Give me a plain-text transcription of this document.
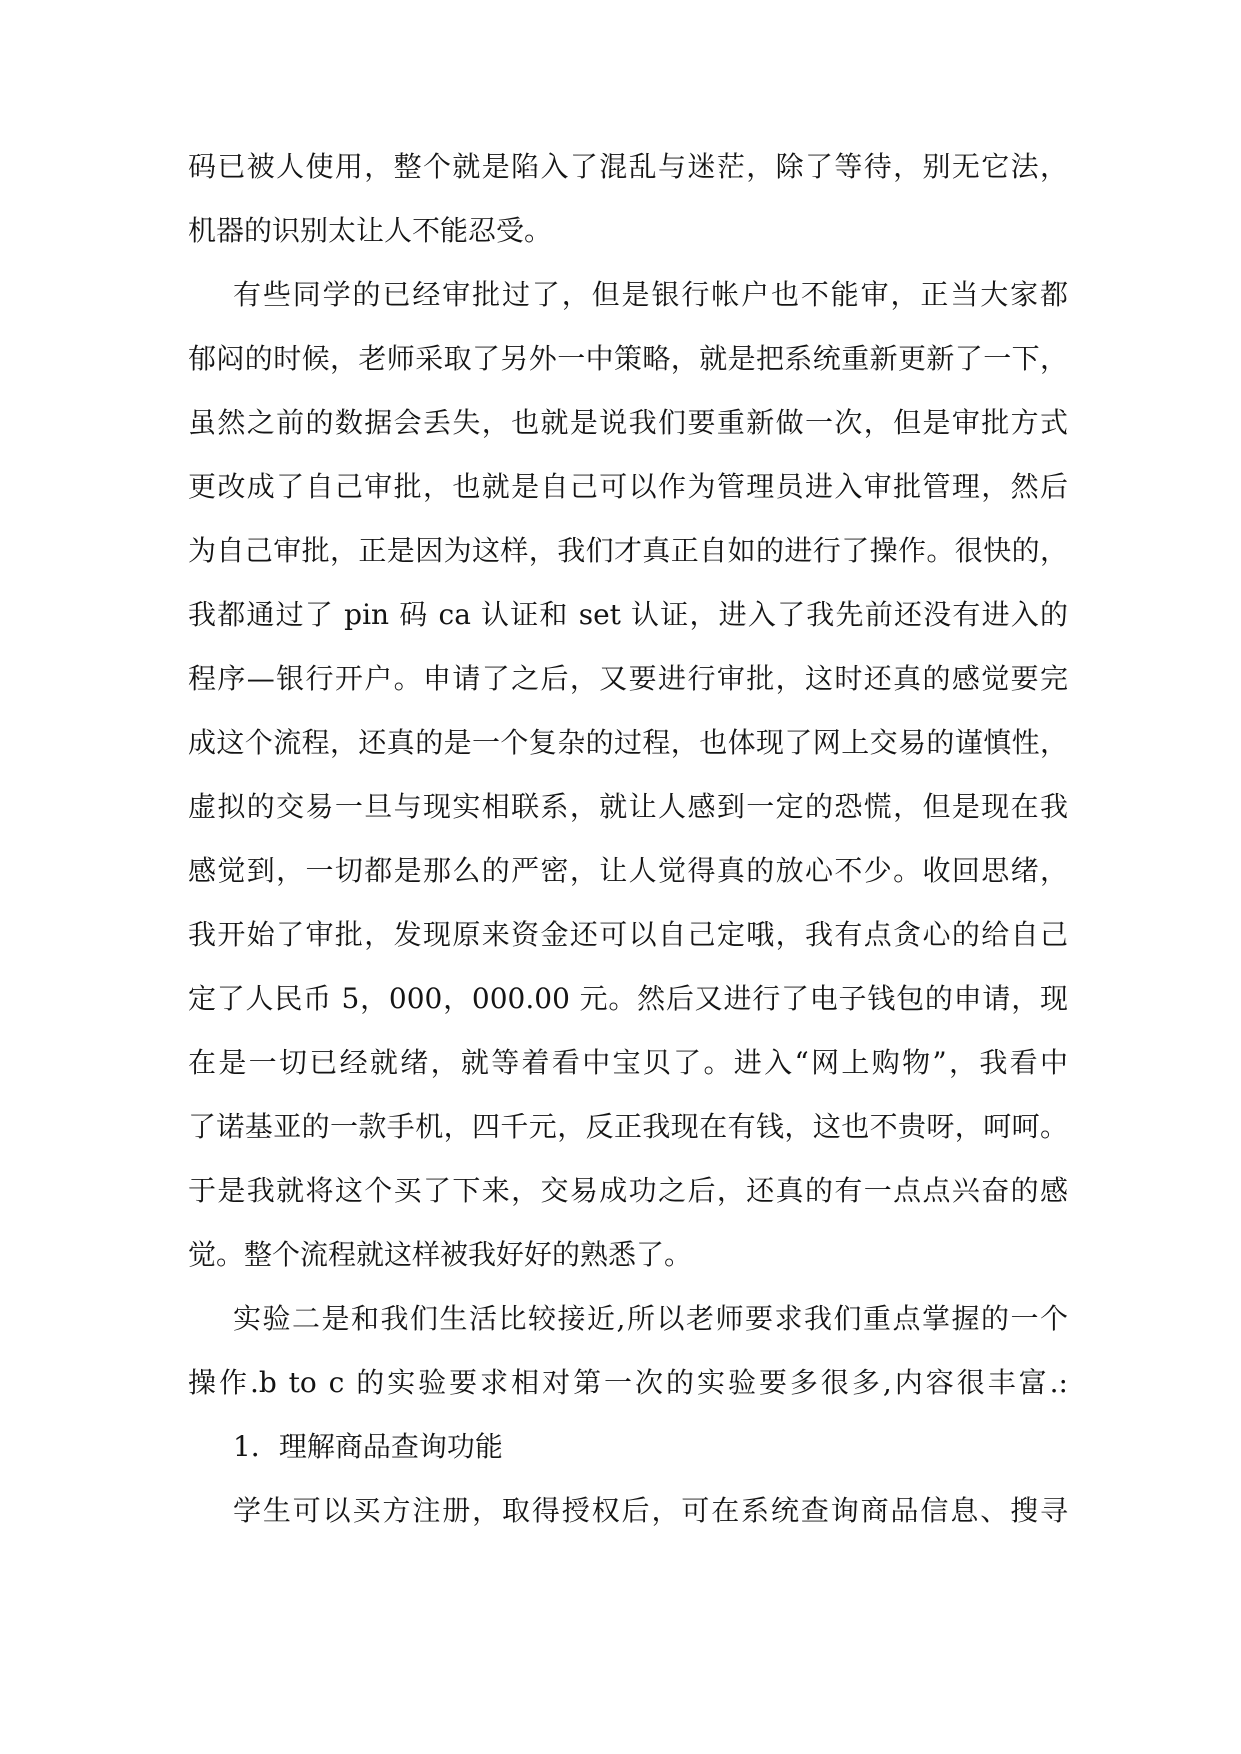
码已被人使用，整个就是陷入了混乱与迷茫，除了等待，别无它法，
机器的识别太让人不能忍受。
有些同学的已经审批过了，但是银行帐户也不能审，正当大家都
郁闷的时候，老师采取了另外一中策略，就是把系统重新更新了一下，
虽然之前的数据会丢失，也就是说我们要重新做一次，但是审批方式
更改成了自己审批，也就是自己可以作为管理员进入审批管理，然后
为自己审批，正是因为这样，我们才真正自如的进行了操作。很快的，
我都通过了 pin 码 ca 认证和 set 认证，进入了我先前还没有进入的
程序—银行开户。申请了之后，又要进行审批，这时还真的感觉要完
成这个流程，还真的是一个复杂的过程，也体现了网上交易的谨慎性，
虚拟的交易一旦与现实相联系，就让人感到一定的恐慌，但是现在我
感觉到，一切都是那么的严密，让人觉得真的放心不少。收回思绪，
我开始了审批，发现原来资金还可以自己定哦，我有点贪心的给自己
定了人民币 5，000，000.00 元。然后又进行了电子钱包的申请，现
在是一切已经就绪，就等着看中宝贝了。进入“网上购物”，我看中
了诺基亚的一款手机，四千元，反正我现在有钱，这也不贵呀，呵呵。
于是我就将这个买了下来，交易成功之后，还真的有一点点兴奋的感
觉。整个流程就这样被我好好的熟悉了。
实验二是和我们生活比较接近,所以老师要求我们重点掌握的一个
操作.b to c 的实验要求相对第一次的实验要多很多,内容很丰富.:
1．理解商品查询功能
学生可以买方注册，取得授权后，可在系统查询商品信息、搜寻
